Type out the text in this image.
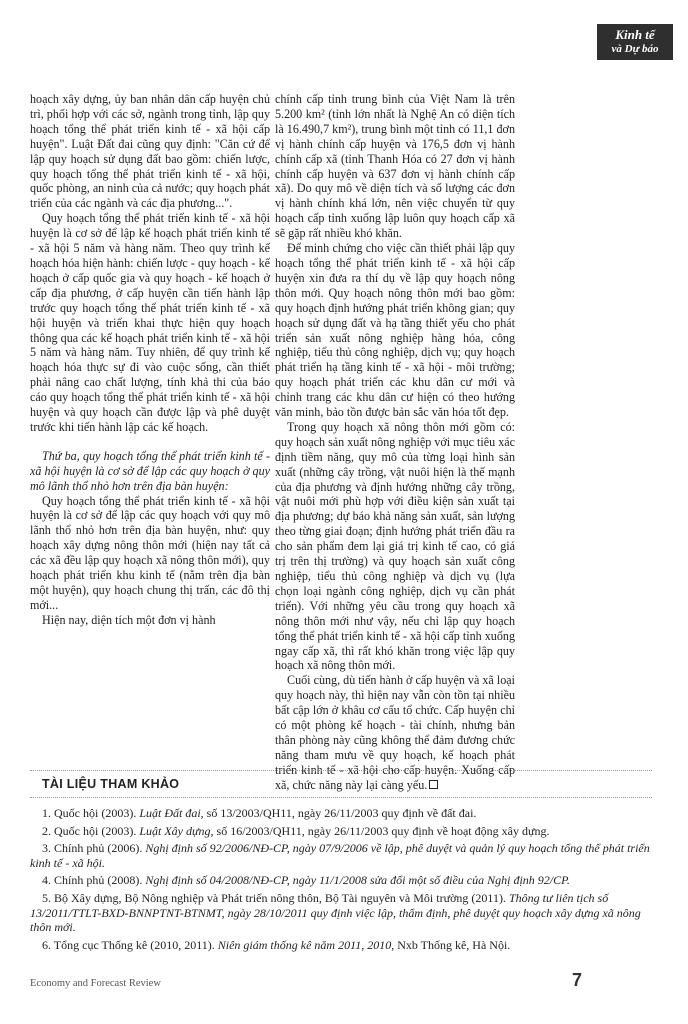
Kinh tế
và Dự báo

hoạch xây dựng, ủy ban nhân dân cấp huyện chủ trì, phối hợp với các sở, ngành trong tỉnh, lập quy hoạch tổng thể phát triển kinh tế - xã hội cấp huyện". Luật Đất đai cũng quy định: "Căn cứ để lập quy hoạch sử dụng đất bao gồm: chiến lược, quy hoạch tổng thể phát triển kinh tế - xã hội, quốc phòng, an ninh của cả nước; quy hoạch phát triển của các ngành và các địa phương...".

Quy hoạch tổng thể phát triển kinh tế - xã hội huyện là cơ sở để lập kế hoạch phát triển kinh tế - xã hội 5 năm và hàng năm. Theo quy trình kế hoạch hóa hiện hành: chiến lược - quy hoạch - kế hoạch ở cấp quốc gia và quy hoạch - kế hoạch ở cấp địa phương, ở cấp huyện cần tiến hành lập trước quy hoạch tổng thể phát triển kinh tế - xã hội huyện và triển khai thực hiện quy hoạch thông qua các kế hoạch phát triển kinh tế - xã hội 5 năm và hàng năm. Tuy nhiên, để quy trình kế hoạch hóa thực sự đi vào cuộc sống, cần thiết phải nâng cao chất lượng, tính khả thi của báo cáo quy hoạch tổng thể phát triển kinh tế - xã hội huyện và quy hoạch cần được lập và phê duyệt trước khi tiến hành lập các kế hoạch.

Thứ ba, quy hoạch tổng thể phát triển kinh tế - xã hội huyện là cơ sở để lập các quy hoạch ở quy mô lãnh thổ nhỏ hơn trên địa bàn huyện:

Quy hoạch tổng thể phát triển kinh tế - xã hội huyện là cơ sở để lập các quy hoạch với quy mô lãnh thổ nhỏ hơn trên địa bàn huyện, như: quy hoạch xây dựng nông thôn mới (hiện nay tất cả các xã đều lập quy hoạch xã nông thôn mới), quy hoạch phát triển khu kinh tế (nằm trên địa bàn một huyện), quy hoạch chung thị trấn, các đô thị mới...

Hiện nay, diện tích một đơn vị hành

chính cấp tỉnh trung bình của Việt Nam là trên 5.200 km² (tỉnh lớn nhất là Nghệ An có diện tích là 16.490,7 km²), trung bình một tỉnh có 11,1 đơn vị hành chính cấp huyện và 176,5 đơn vị hành chính cấp xã (tỉnh Thanh Hóa có 27 đơn vị hành chính cấp huyện và 637 đơn vị hành chính cấp xã). Do quy mô về diện tích và số lượng các đơn vị hành chính khá lớn, nên việc chuyển từ quy hoạch cấp tỉnh xuống lập luôn quy hoạch cấp xã sẽ gặp rất nhiều khó khăn.

Để minh chứng cho việc cần thiết phải lập quy hoạch tổng thể phát triển kinh tế - xã hội cấp huyện xin đưa ra thí dụ về lập quy hoạch nông thôn mới. Quy hoạch nông thôn mới bao gồm: quy hoạch định hướng phát triển không gian; quy hoạch sử dụng đất và hạ tầng thiết yếu cho phát triển sản xuất nông nghiệp hàng hóa, công nghiệp, tiểu thủ công nghiệp, dịch vụ; quy hoạch phát triển hạ tầng kinh tế - xã hội - môi trường; quy hoạch phát triển các khu dân cư mới và chỉnh trang các khu dân cư hiện có theo hướng văn minh, bảo tồn được bản sắc văn hóa tốt đẹp.

Trong quy hoạch xã nông thôn mới gồm có: quy hoạch sản xuất nông nghiệp với mục tiêu xác định tiềm năng, quy mô của từng loại hình sản xuất (những cây trồng, vật nuôi hiện là thế mạnh của địa phương và định hướng những cây trồng, vật nuôi mới phù hợp với điều kiện sản xuất tại địa phương; dự báo khả năng sản xuất, sản lượng theo từng giai đoạn; định hướng phát triển đầu ra cho sản phẩm đem lại giá trị kinh tế cao, có giá trị trên thị trường) và quy hoạch sản xuất công nghiệp, tiểu thủ công nghiệp và dịch vụ (lựa chọn loại ngành công nghiệp, dịch vụ cần phát triển). Với những yêu cầu trong quy hoạch xã nông thôn mới như vậy, nếu chỉ lập quy hoạch tổng thể phát triển kinh tế - xã hội cấp tỉnh xuống ngay cấp xã, thì rất khó khăn trong việc lập quy hoạch xã nông thôn mới.

Cuối cùng, dù tiến hành ở cấp huyện và xã loại quy hoạch này, thì hiện nay vẫn còn tồn tại nhiều bất cập lớn ở khâu cơ cấu tổ chức. Cấp huyện chỉ có một phòng kế hoạch - tài chính, nhưng bản thân phòng này cũng không thể đảm đương chức năng tham mưu về quy hoạch, kế hoạch phát triển kinh tế - xã hội cho cấp huyện. Xuống cấp xã, chức năng này lại càng yếu.

TÀI LIỆU THAM KHẢO
1. Quốc hội (2003). Luật Đất đai, số 13/2003/QH11, ngày 26/11/2003 quy định về đất đai.
2. Quốc hội (2003). Luật Xây dựng, số 16/2003/QH11, ngày 26/11/2003 quy định về hoạt động xây dựng.
3. Chính phủ (2006). Nghị định số 92/2006/NĐ-CP, ngày 07/9/2006 về lập, phê duyệt và quản lý quy hoạch tổng thể phát triển kinh tế - xã hội.
4. Chính phủ (2008). Nghị định số 04/2008/NĐ-CP, ngày 11/1/2008 sửa đổi một số điều của Nghị định 92/CP.
5. Bộ Xây dựng, Bộ Nông nghiệp và Phát triển nông thôn, Bộ Tài nguyên và Môi trường (2011). Thông tư liên tịch số 13/2011/TTLT-BXD-BNNPTNT-BTNMT, ngày 28/10/2011 quy định việc lập, thẩm định, phê duyệt quy hoạch xây dựng xã nông thôn mới.
6. Tổng cục Thống kê (2010, 2011). Niên giám thống kê năm 2011, 2010, Nxb Thống kê, Hà Nội.
Economy and Forecast Review	7
